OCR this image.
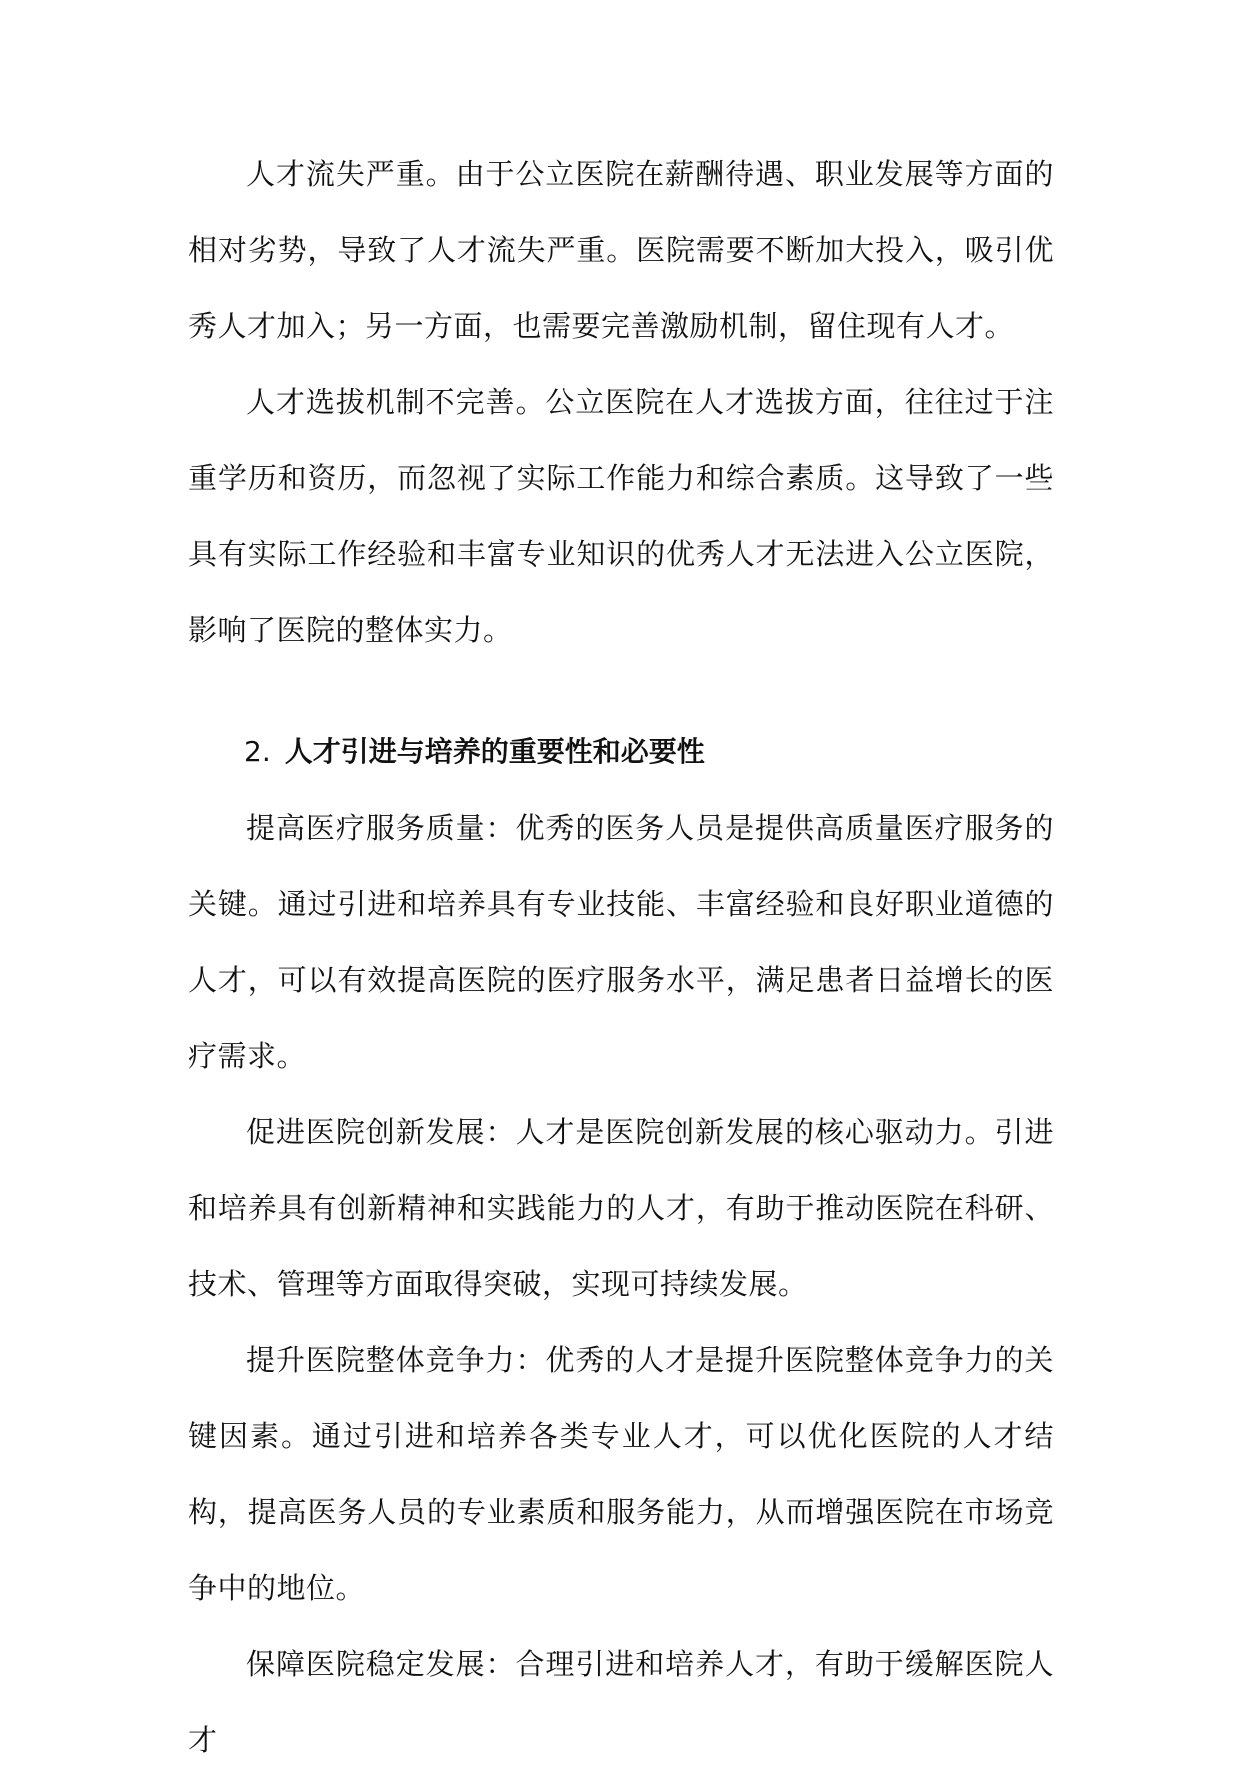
人才流失严重。由于公立医院在薪酬待遇、职业发展等方面的相对劣势，导致了人才流失严重。医院需要不断加大投入，吸引优秀人才加入；另一方面，也需要完善激励机制，留住现有人才。

人才选拔机制不完善。公立医院在人才选拔方面，往往过于注重学历和资历，而忽视了实际工作能力和综合素质。这导致了一些具有实际工作经验和丰富专业知识的优秀人才无法进入公立医院，影响了医院的整体实力。

2. 人才引进与培养的重要性和必要性

提高医疗服务质量：优秀的医务人员是提供高质量医疗服务的关键。通过引进和培养具有专业技能、丰富经验和良好职业道德的人才，可以有效提高医院的医疗服务水平，满足患者日益增长的医疗需求。

促进医院创新发展：人才是医院创新发展的核心驱动力。引进和培养具有创新精神和实践能力的人才，有助于推动医院在科研、技术、管理等方面取得突破，实现可持续发展。

提升医院整体竞争力：优秀的人才是提升医院整体竞争力的关键因素。通过引进和培养各类专业人才，可以优化医院的人才结构，提高医务人员的专业素质和服务能力，从而增强医院在市场竞争中的地位。

保障医院稳定发展：合理引进和培养人才，有助于缓解医院人才
